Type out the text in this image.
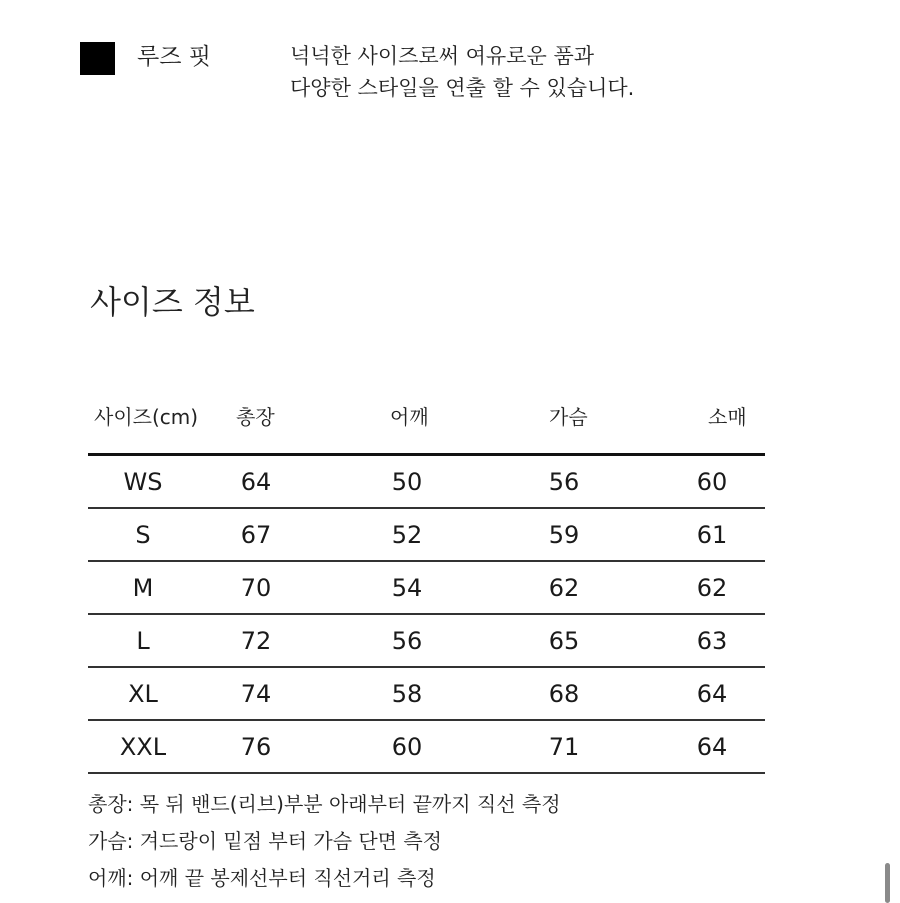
루즈 핏	넉넉한 사이즈로써 여유로운 품과
다양한 스타일을 연출 할 수 있습니다.
사이즈 정보
사이즈(cm) 총장	어깨	가슴	소매
WS	64	50	56	60
S	67	52	59	61
M	70	54	62	62
L	72	56	65	63
XL	74	58	68	64
XXL	76	60	71	64
총장: 목 뒤 밴드(리브)부분 아래부터 끝까지 직선 측정
가슴: 겨드랑이 밑점 부터 가슴 단면 측정
어깨: 어깨 끝 봉제선부터 직선거리 측정
